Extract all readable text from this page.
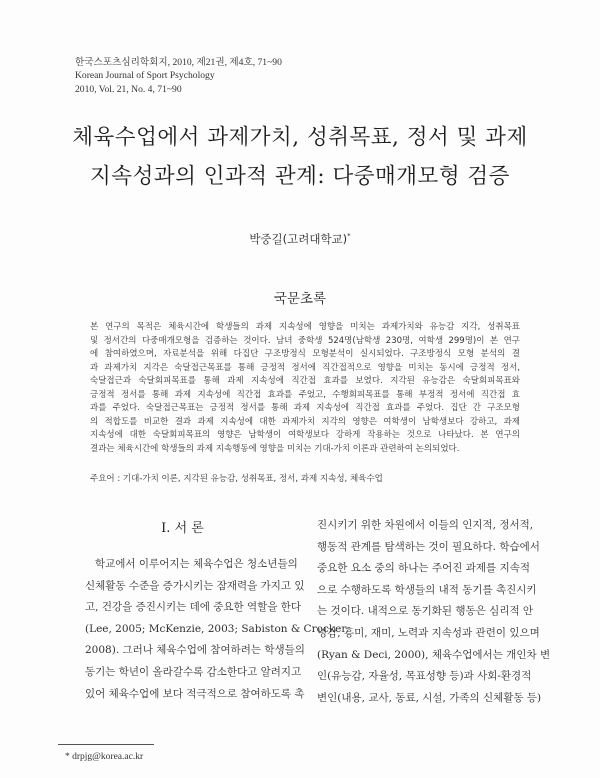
한국스포츠심리학회지, 2010, 제21권, 제4호, 71~90
Korean Journal of Sport Psychology
2010, Vol. 21, No. 4, 71~90
체육수업에서 과제가치, 성취목표, 정서 및 과제
지속성과의 인과적 관계: 다중매개모형 검증
박중길(고려대학교)*
국문초록
본 연구의 목적은 체육시간에 학생들의 과제 지속성에 영향을 미치는 과제가치와 유능감 지각, 성취목표
및 정서간의 다중매개모형을 검증하는 것이다. 남녀 중학생 524명(남학생 230명, 여학생 299명)이 본 연구
에 참여하였으며, 자료분석을 위해 다집단 구조방정식 모형분석이 실시되었다. 구조방정식 모형 분석의 결
과 과제가치 지각은 숙달접근목표를 통해 긍정적 정서에 직간접적으로 영향을 미치는 동시에 긍정적 정서,
숙달접근과 숙달회피목표를 통해 과제 지속성에 직간접 효과를 보였다. 지각된 유능감은 숙달회피목표와
긍정적 정서를 통해 과제 지속성에 직간접 효과를 주었고, 수행회피목표를 통해 부정적 정서에 직간접 효
과를 주었다. 숙달접근목표는 긍정적 정서를 통해 과제 지속성에 직간접 효과를 주었다. 집단 간 구조모형
의 적합도를 비교한 결과 과제 지속성에 대한 과제가치 지각의 영향은 여학생이 남학생보다 강하고, 과제
지속성에 대한 숙달회피목표의 영향은 남학생이 여학생보다 강하게 작용하는 것으로 나타났다. 본 연구의
결과는 체육시간에 학생들의 과제 지속행동에 영향을 미치는 기대-가치 이론과 관련하여 논의되었다.
주요어 : 기대-가치 이론, 지각된 유능감, 성취목표, 정서, 과제 지속성, 체육수업
I. 서 론
학교에서 이루어지는 체육수업은 청소년들의
신체활동 수준을 증가시키는 잠재력을 가지고 있
고, 건강을 증진시키는 데에 중요한 역할을 한다
(Lee, 2005; McKenzie, 2003; Sabiston & Crocker,
2008). 그러나 체육수업에 참여하려는 학생들의
동기는 학년이 올라갈수록 감소한다고 알려지고
있어 체육수업에 보다 적극적으로 참여하도록 촉
진시키기 위한 차원에서 이들의 인지적, 정서적,
행동적 관계를 탐색하는 것이 필요하다. 학습에서
중요한 요소 중의 하나는 주어진 과제를 지속적
으로 수행하도록 학생들의 내적 동기를 촉진시키
는 것이다. 내적으로 동기화된 행동은 심리적 안
녕감, 흥미, 재미, 노력과 지속성과 관련이 있으며
(Ryan & Deci, 2000), 체육수업에서는 개인차 변
인(유능감, 자율성, 목표성향 등)과 사회-환경적
변인(내용, 교사, 동료, 시설, 가족의 신체활동 등)
* drpjg@korea.ac.kr
